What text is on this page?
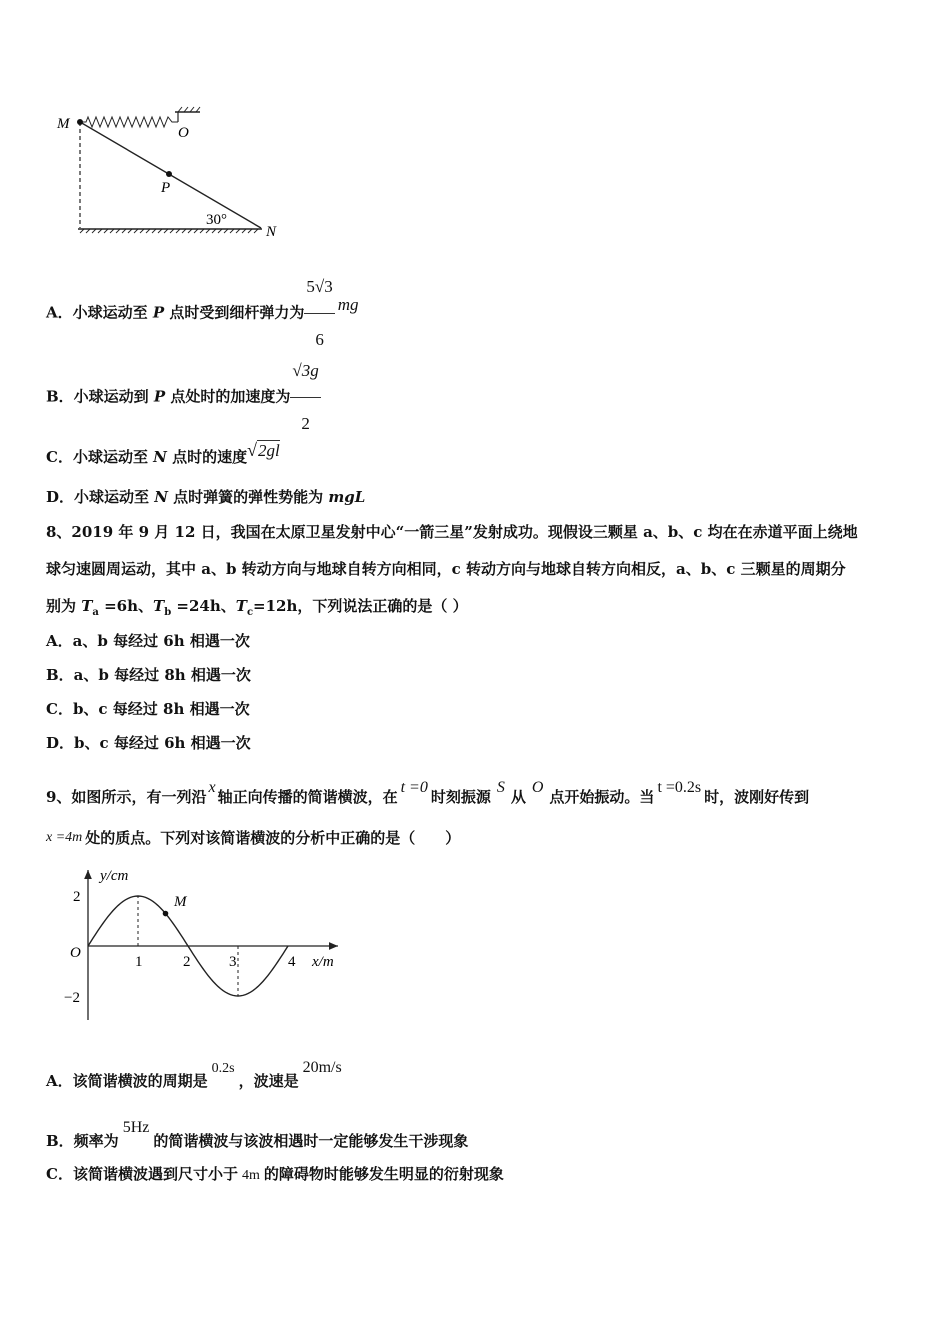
M
O
P
30°
N
A．小球运动至 P 点时受到细杆弹力为 $\frac{5√3}{6}$ mg
B．小球运动到 P 点处时的加速度为 $\frac{√3g}{2}$
C．小球运动至 N 点时的速度√2gl
D．小球运动至 N 点时弹簧的弹性势能为 mgL
8、2019 年 9 月 12 日，我国在太原卫星发射中心“一箭三星”发射成功。现假设三颗星 a、b、c 均在在赤道平面上绕地
球匀速圆周运动，其中 a、b 转动方向与地球自转方向相同，c 转动方向与地球自转方向相反，a、b、c 三颗星的周期分
别为 $T_a =6h$、$T_b =24h$、$T_c=12h$，下列说法正确的是（ ）
A．a、b 每经过 6h 相遇一次
B．a、b 每经过 8h 相遇一次
C．b、c 每经过 8h 相遇一次
D．b、c 每经过 6h 相遇一次
9、如图所示，有一列沿x轴正向传播的简谐横波，在t =0时刻振源S从O点开始振动。当t =0.2s时，波刚好传到
x =4m 处的质点。下列对该简谐横波的分析中正确的是（　　）
y/cm
x/m
O
2
−2
1	2	3	4
M
A．该简谐横波的周期是0.2s，波速是20m/s
B．频率为5Hz的简谐横波与该波相遇时一定能够发生干涉现象
C．该简谐横波遇到尺寸小于 4m 的障碍物时能够发生明显的衍射现象
